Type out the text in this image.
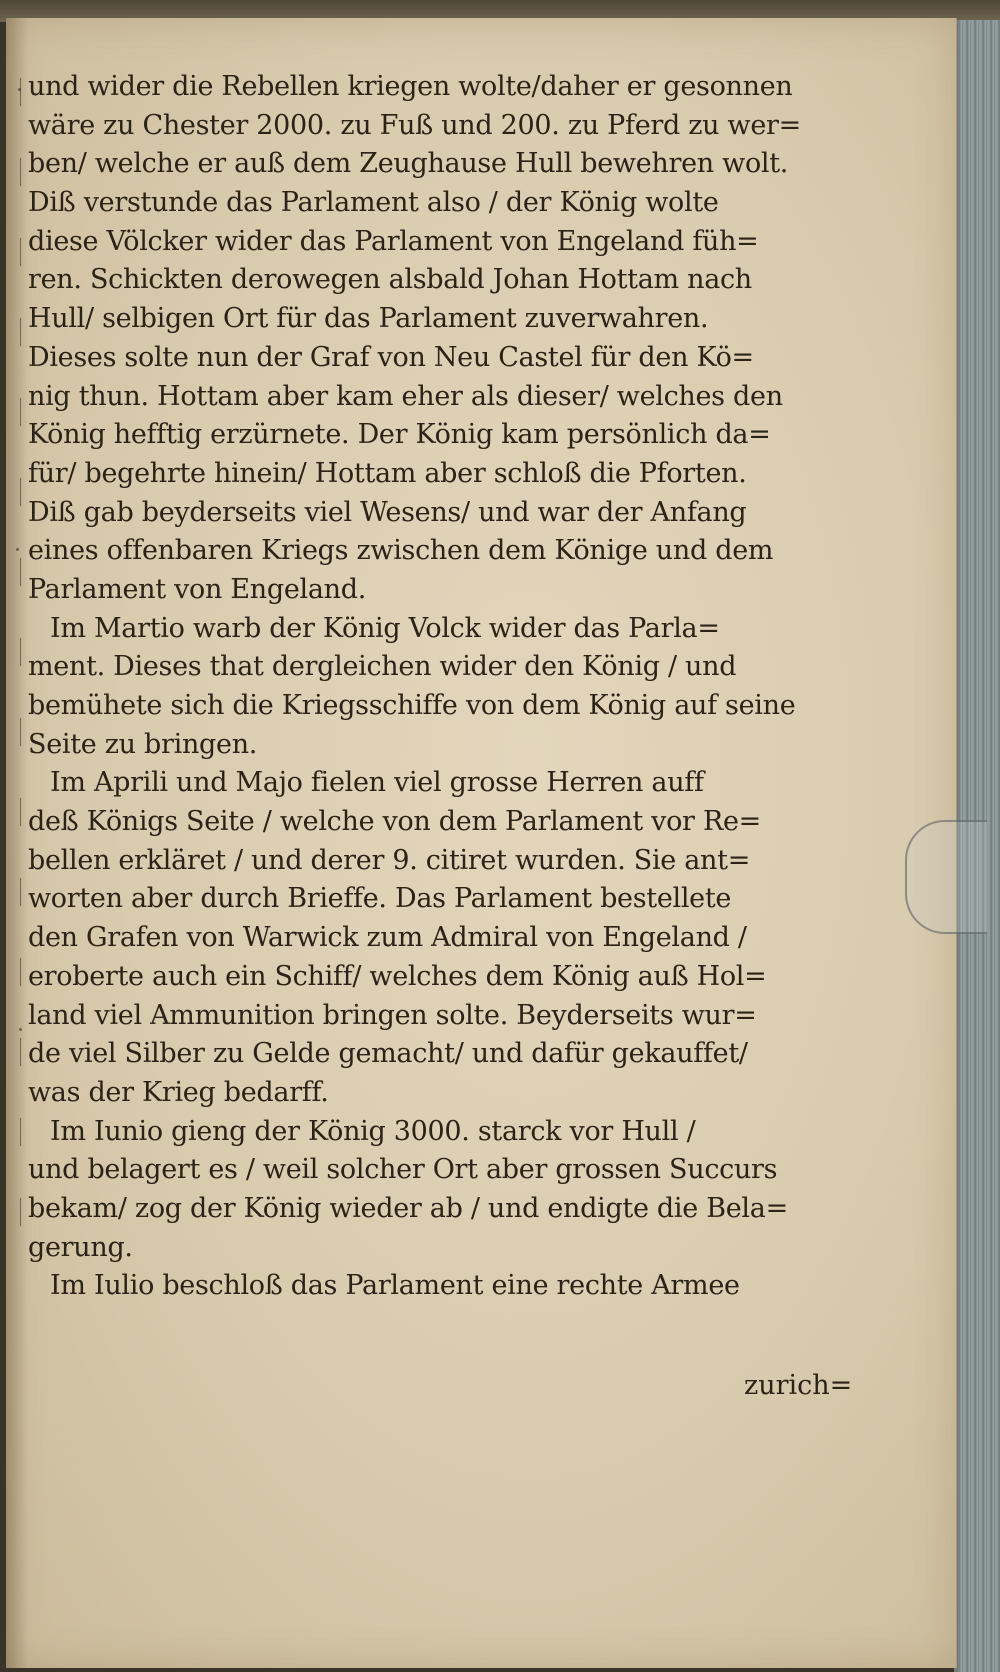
und wider die Rebellen kriegen wolte/daher er gesonnen
wäre zu Chester 2000. zu Fuß und 200. zu Pferd zu wer=
ben/ welche er auß dem Zeughause Hull bewehren wolt.
Diß verstunde das Parlament also / der König wolte
diese Völcker wider das Parlament von Engeland füh=
ren. Schickten derowegen alsbald Johan Hottam nach
Hull/ selbigen Ort für das Parlament zuverwahren.
Dieses solte nun der Graf von Neu Castel für den Kö=
nig thun. Hottam aber kam eher als dieser/ welches den
König hefftig erzürnete. Der König kam persönlich da=
für/ begehrte hinein/ Hottam aber schloß die Pforten.
Diß gab beyderseits viel Wesens/ und war der Anfang
eines offenbaren Kriegs zwischen dem Könige und dem
Parlament von Engeland.
Im Martio warb der König Volck wider das Parla=
ment. Dieses that dergleichen wider den König / und
bemühete sich die Kriegsschiffe von dem König auf seine
Seite zu bringen.
Im Aprili und Majo fielen viel grosse Herren auff
deß Königs Seite / welche von dem Parlament vor Re=
bellen erkläret / und derer 9. citiret wurden. Sie ant=
worten aber durch Brieffe. Das Parlament bestellete
den Grafen von Warwick zum Admiral von Engeland /
eroberte auch ein Schiff/ welches dem König auß Hol=
land viel Ammunition bringen solte. Beyderseits wur=
de viel Silber zu Gelde gemacht/ und dafür gekauffet/
was der Krieg bedarff.
Im Iunio gieng der König 3000. starck vor Hull /
und belagert es / weil solcher Ort aber grossen Succurs
bekam/ zog der König wieder ab / und endigte die Bela=
gerung.
Im Iulio beschloß das Parlament eine rechte Armee
zurich=
